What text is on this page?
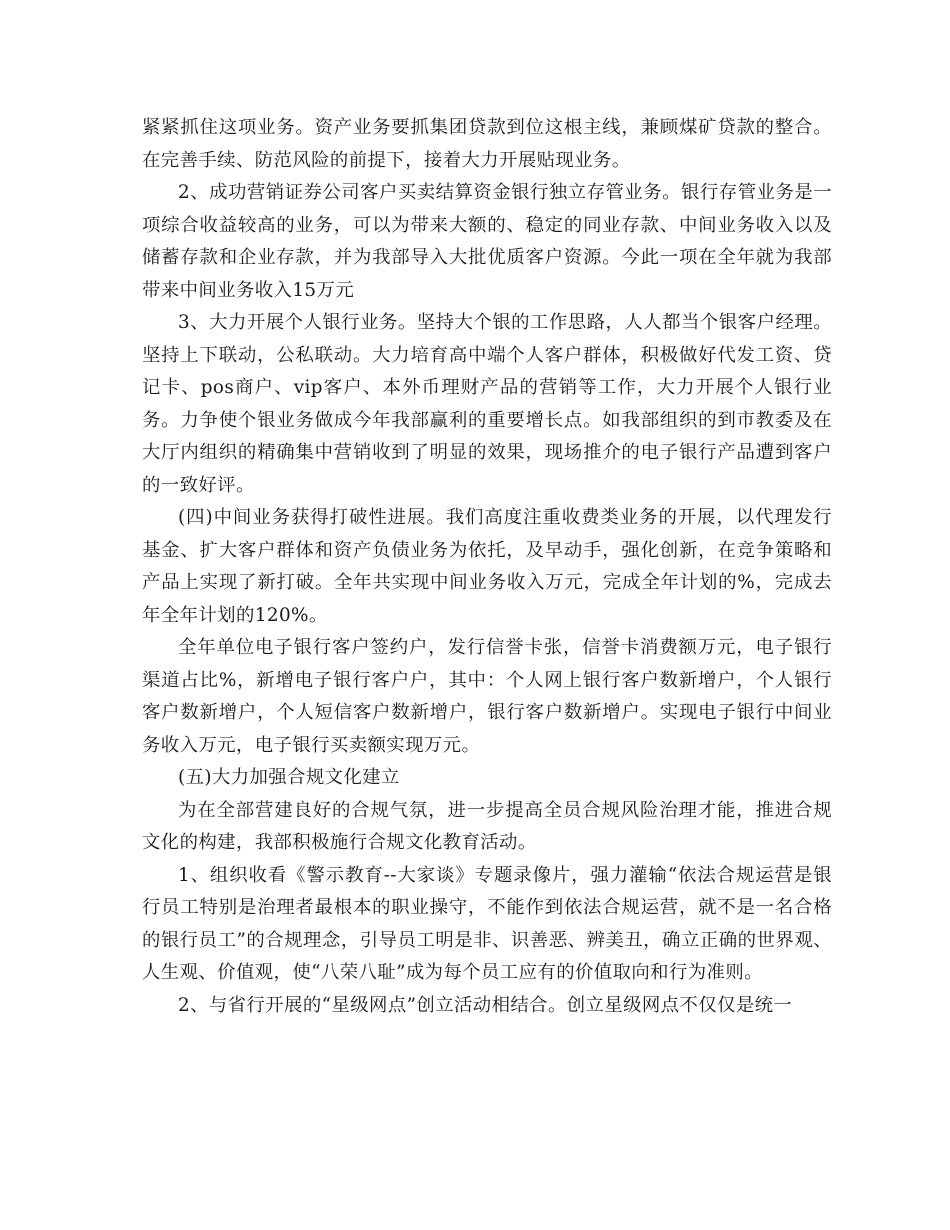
紧紧抓住这项业务。资产业务要抓集团贷款到位这根主线，兼顾煤矿贷款的整合。在完善手续、防范风险的前提下，接着大力开展贴现业务。

2、成功营销证券公司客户买卖结算资金银行独立存管业务。银行存管业务是一项综合收益较高的业务，可以为带来大额的、稳定的同业存款、中间业务收入以及储蓄存款和企业存款，并为我部导入大批优质客户资源。今此一项在全年就为我部带来中间业务收入15万元

3、大力开展个人银行业务。坚持大个银的工作思路，人人都当个银客户经理。坚持上下联动，公私联动。大力培育高中端个人客户群体，积极做好代发工资、贷记卡、pos商户、vip客户、本外币理财产品的营销等工作，大力开展个人银行业务。力争使个银业务做成今年我部赢利的重要增长点。如我部组织的到市教委及在大厅内组织的精确集中营销收到了明显的效果，现场推介的电子银行产品遭到客户的一致好评。

(四)中间业务获得打破性进展。我们高度注重收费类业务的开展，以代理发行基金、扩大客户群体和资产负债业务为依托，及早动手，强化创新，在竞争策略和产品上实现了新打破。全年共实现中间业务收入万元，完成全年计划的%，完成去年全年计划的120%。

全年单位电子银行客户签约户，发行信誉卡张，信誉卡消费额万元，电子银行渠道占比%，新增电子银行客户户，其中：个人网上银行客户数新增户，个人银行客户数新增户，个人短信客户数新增户，银行客户数新增户。实现电子银行中间业务收入万元，电子银行买卖额实现万元。

(五)大力加强合规文化建立

为在全部营建良好的合规气氛，进一步提高全员合规风险治理才能，推进合规文化的构建，我部积极施行合规文化教育活动。

1、组织收看《警示教育--大家谈》专题录像片，强力灌输“依法合规运营是银行员工特别是治理者最根本的职业操守，不能作到依法合规运营，就不是一名合格的银行员工”的合规理念，引导员工明是非、识善恶、辨美丑，确立正确的世界观、人生观、价值观，使“八荣八耻”成为每个员工应有的价值取向和行为准则。

2、与省行开展的“星级网点”创立活动相结合。创立星级网点不仅仅是统一
